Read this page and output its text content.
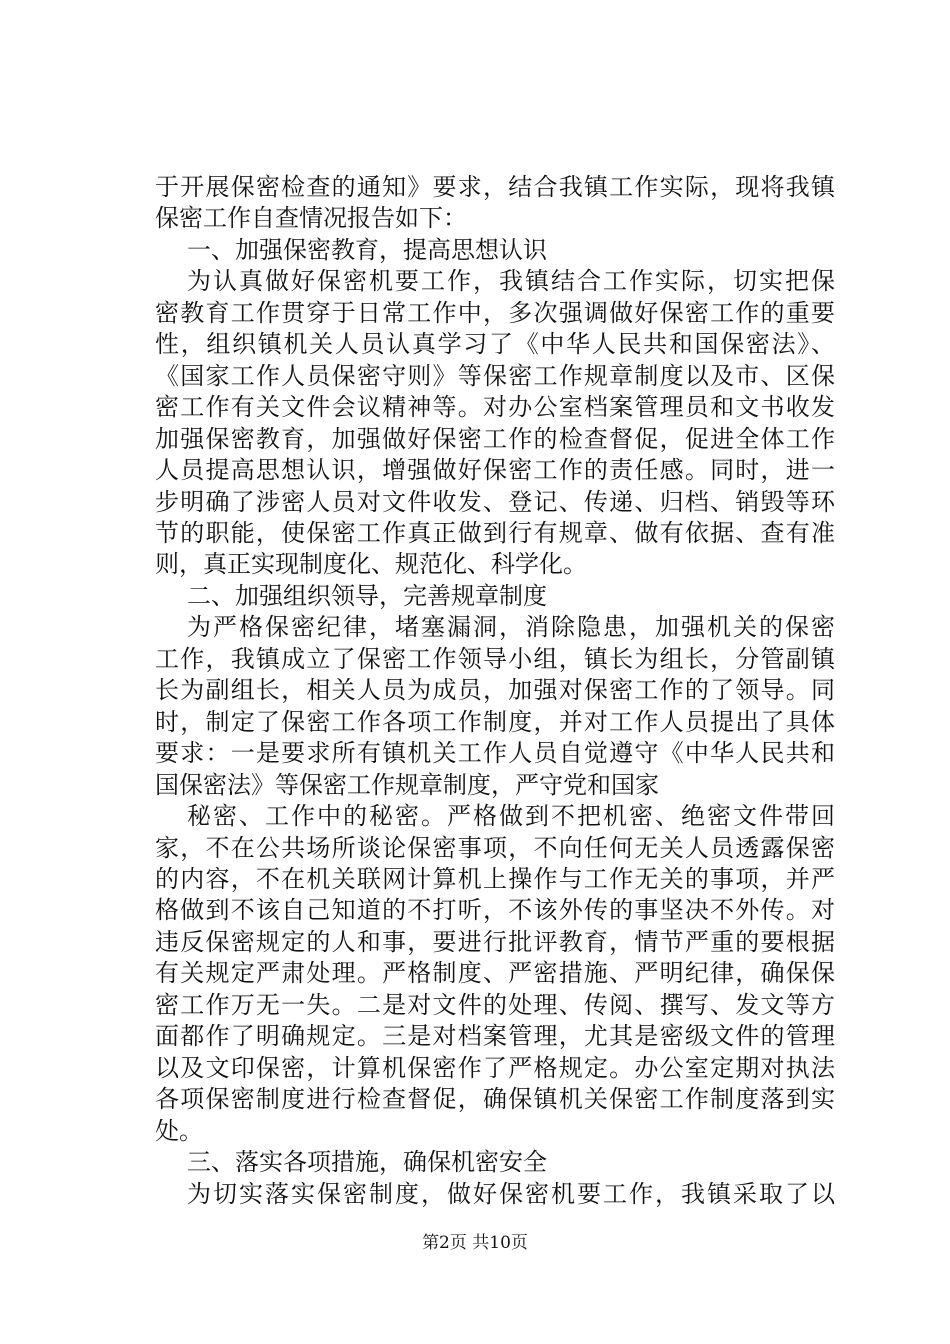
于开展保密检查的通知》要求，结合我镇工作实际，现将我镇
保密工作自查情况报告如下：
一、加强保密教育，提高思想认识
为认真做好保密机要工作，我镇结合工作实际，切实把保
密教育工作贯穿于日常工作中，多次强调做好保密工作的重要
性，组织镇机关人员认真学习了《中华人民共和国保密法》、
《国家工作人员保密守则》等保密工作规章制度以及市、区保
密工作有关文件会议精神等。对办公室档案管理员和文书收发
加强保密教育，加强做好保密工作的检查督促，促进全体工作
人员提高思想认识，增强做好保密工作的责任感。同时，进一
步明确了涉密人员对文件收发、登记、传递、归档、销毁等环
节的职能，使保密工作真正做到行有规章、做有依据、查有准
则，真正实现制度化、规范化、科学化。
二、加强组织领导，完善规章制度
为严格保密纪律，堵塞漏洞，消除隐患，加强机关的保密
工作，我镇成立了保密工作领导小组，镇长为组长，分管副镇
长为副组长，相关人员为成员，加强对保密工作的了领导。同
时，制定了保密工作各项工作制度，并对工作人员提出了具体
要求：一是要求所有镇机关工作人员自觉遵守《中华人民共和
国保密法》等保密工作规章制度，严守党和国家
秘密、工作中的秘密。严格做到不把机密、绝密文件带回
家，不在公共场所谈论保密事项，不向任何无关人员透露保密
的内容，不在机关联网计算机上操作与工作无关的事项，并严
格做到不该自己知道的不打听，不该外传的事坚决不外传。对
违反保密规定的人和事，要进行批评教育，情节严重的要根据
有关规定严肃处理。严格制度、严密措施、严明纪律，确保保
密工作万无一失。二是对文件的处理、传阅、撰写、发文等方
面都作了明确规定。三是对档案管理，尤其是密级文件的管理
以及文印保密，计算机保密作了严格规定。办公室定期对执法
各项保密制度进行检查督促，确保镇机关保密工作制度落到实
处。
三、落实各项措施，确保机密安全
为切实落实保密制度，做好保密机要工作，我镇采取了以
第2页 共10页
